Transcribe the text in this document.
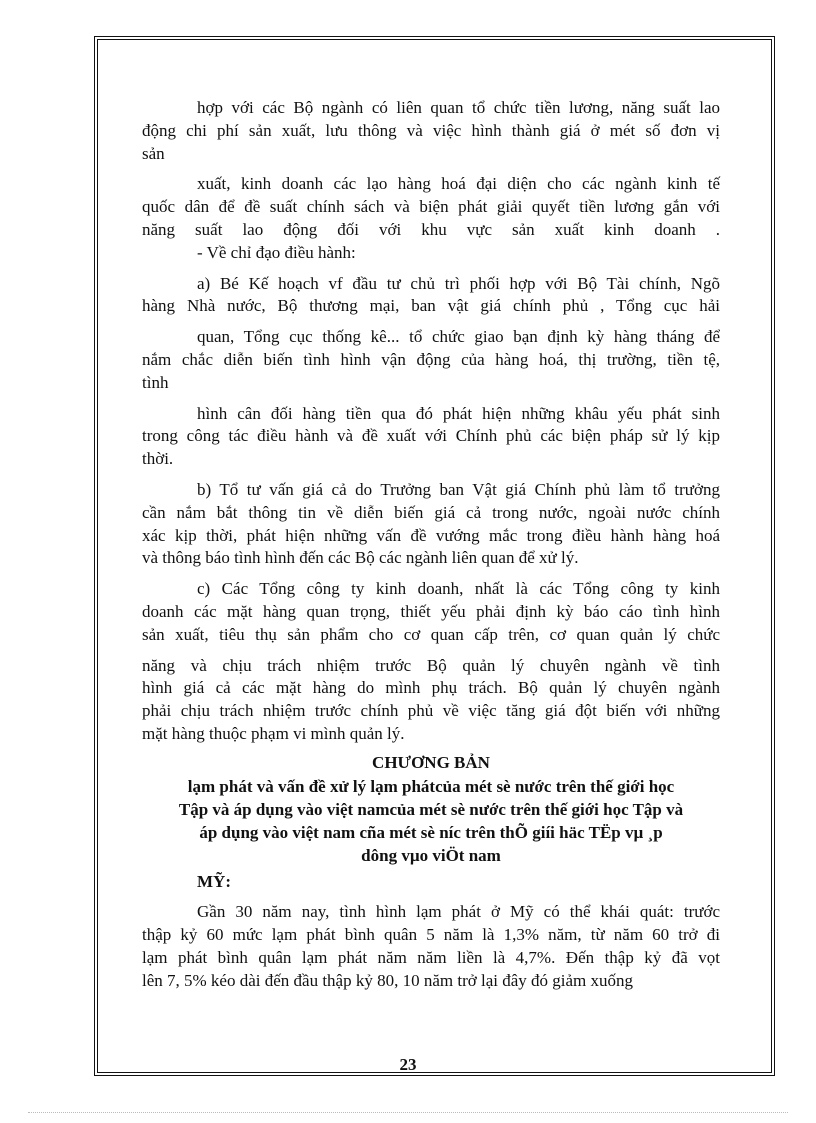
hợp với các Bộ ngành có liên quan tổ chức tiền lương, năng suất lao

động chi phí sản xuất, lưu thông và việc hình thành giá ở mét số đơn vị

sản

xuất, kinh doanh các lạo hàng hoá đại diện cho các ngành kinh tế

quốc dân để đề suất chính sách và biện phát giải quyết tiền lương gắn với

năng suất lao động đối với khu vực sản xuất kinh doanh .

- Về chỉ đạo điều hành:

a) Bé Kế hoạch vf đầu tư chủ trì phối hợp với Bộ Tài chính, Ngõ

hàng Nhà nước, Bộ thương mại, ban vật giá chính phủ , Tổng cục hải

quan, Tổng cục thống kê... tổ chức giao bạn định kỳ hàng tháng để

nắm chắc diễn biến tình hình vận động của hàng hoá, thị trường, tiền tệ,

tình

hình cân đối hàng tiền qua đó phát hiện những khâu yếu phát sinh

trong công tác điều hành và đề xuất với Chính phủ các biện pháp sử lý kịp

thời.

b) Tổ tư vấn giá cả do Trưởng ban Vật giá Chính phủ làm tổ trưởng

cần nắm bắt thông tin về diễn biến giá cả trong nước, ngoài nước chính

xác kịp thời, phát hiện những vấn đề vướng mắc trong điều hành hàng hoá

và thông báo tình hình đến các Bộ các ngành liên quan để xử lý.

c) Các Tổng công ty kinh doanh, nhất là các Tổng công ty kinh

doanh các mặt hàng quan trọng, thiết yếu phải định kỳ báo cáo tình hình

sản xuất, tiêu thụ sản phẩm cho cơ quan cấp trên, cơ quan quản lý chức

năng và chịu trách nhiệm trước Bộ quản lý chuyên ngành về tình

hình giá cả các mặt hàng do mình phụ trách. Bộ quản lý chuyên ngành

phải chịu trách nhiệm trước chính phủ về việc tăng giá đột biến với những

mặt hàng thuộc phạm vi mình quản lý.

CHƯƠNG BẢN

lạm phát và vấn đề xử lý lạm phátcủa mét sè nước trên thế giới học

Tập và áp dụng vào việt namcủa mét sè nước trên thế giới học Tập và

áp dụng vào việt nam cña mét sè níc trên thÕ giíi häc TËp vµ ¸p

dông vµo viÖt nam

MỸ:

Gần 30 năm nay, tình hình lạm phát ở Mỹ có thể khái quát: trước

thập kỷ 60 mức lạm phát bình quân 5 năm là 1,3% năm, từ năm 60 trở đi

lạm phát bình quân lạm phát năm năm liền là 4,7%. Đến thập kỷ đã vọt

lên 7, 5% kéo dài đến đầu thập kỷ 80, 10 năm trở lại đây đó giảm xuống

23
